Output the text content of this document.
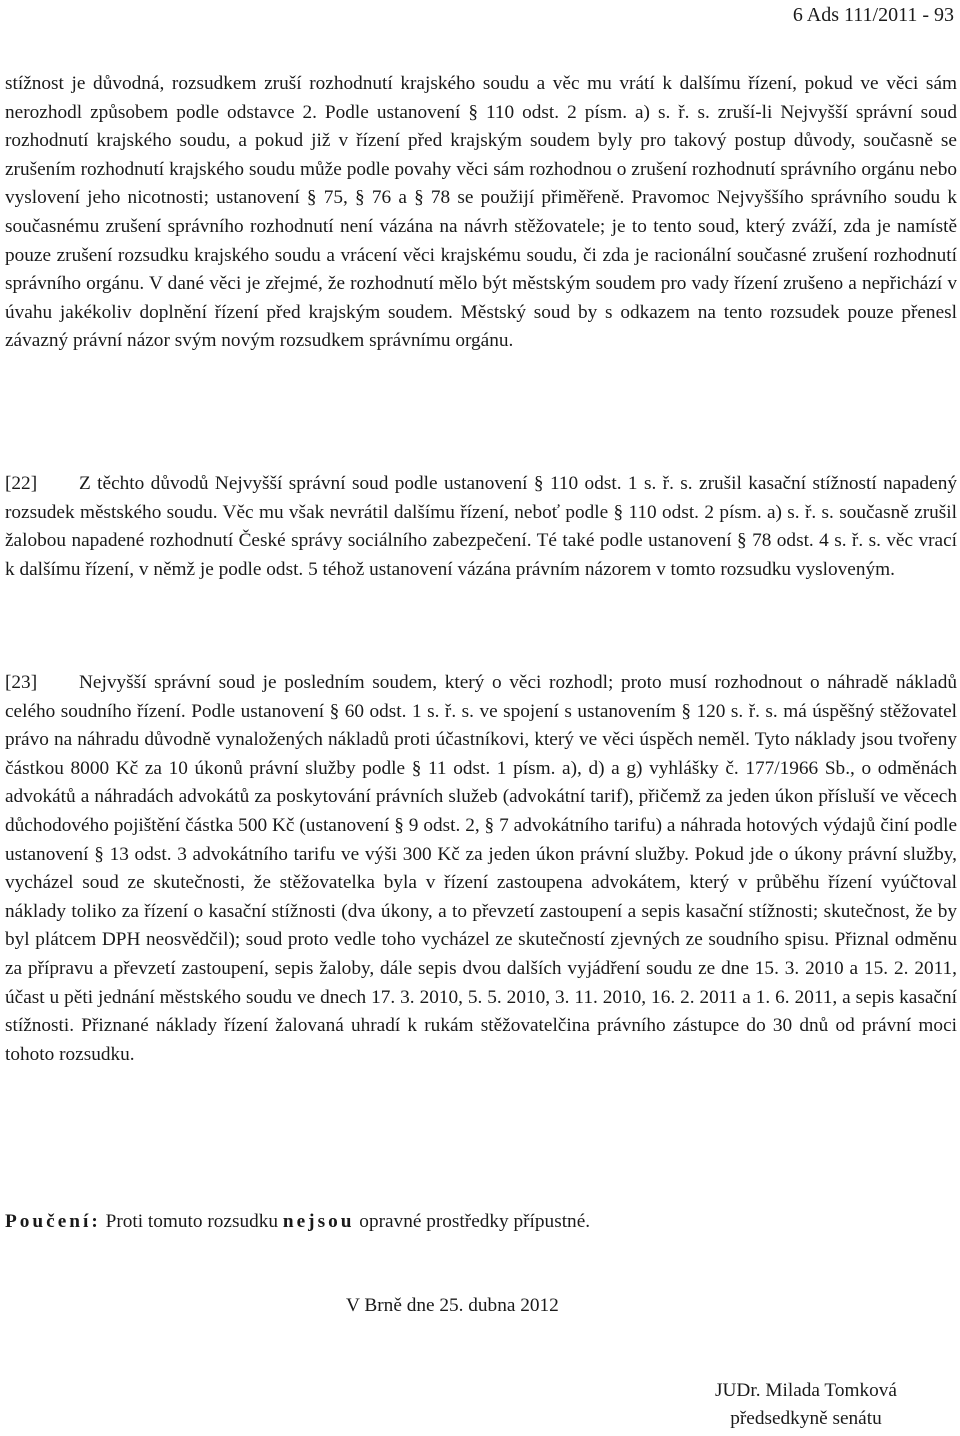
6 Ads 111/2011 - 93

stížnost je důvodná, rozsudkem zruší rozhodnutí krajského soudu a věc mu vrátí k dalšímu řízení, pokud ve věci sám nerozhodl způsobem podle odstavce 2. Podle ustanovení § 110 odst. 2 písm. a) s. ř. s. zruší-li Nejvyšší správní soud rozhodnutí krajského soudu, a pokud již v řízení před krajským soudem byly pro takový postup důvody, současně se zrušením rozhodnutí krajského soudu může podle povahy věci sám rozhodnou o zrušení rozhodnutí správního orgánu nebo vyslovení jeho nicotnosti; ustanovení § 75, § 76 a § 78 se použijí přiměřeně. Pravomoc Nejvyššího správního soudu k současnému zrušení správního rozhodnutí není vázána na návrh stěžovatele; je to tento soud, který zváží, zda je namístě pouze zrušení rozsudku krajského soudu a vrácení věci krajskému soudu, či zda je racionální současné zrušení rozhodnutí správního orgánu. V dané věci je zřejmé, že rozhodnutí mělo být městským soudem pro vady řízení zrušeno a nepřichází v úvahu jakékoliv doplnění řízení před krajským soudem. Městský soud by s odkazem na tento rozsudek pouze přenesl závazný právní názor svým novým rozsudkem správnímu orgánu.

[22] Z těchto důvodů Nejvyšší správní soud podle ustanovení § 110 odst. 1 s. ř. s. zrušil kasační stížností napadený rozsudek městského soudu. Věc mu však nevrátil dalšímu řízení, neboť podle § 110 odst. 2 písm. a) s. ř. s. současně zrušil žalobou napadené rozhodnutí České správy sociálního zabezpečení. Té také podle ustanovení § 78 odst. 4 s. ř. s. věc vrací k dalšímu řízení, v němž je podle odst. 5 téhož ustanovení vázána právním názorem v tomto rozsudku vysloveným.

[23] Nejvyšší správní soud je posledním soudem, který o věci rozhodl; proto musí rozhodnout o náhradě nákladů celého soudního řízení. Podle ustanovení § 60 odst. 1 s. ř. s. ve spojení s ustanovením § 120 s. ř. s. má úspěšný stěžovatel právo na náhradu důvodně vynaložených nákladů proti účastníkovi, který ve věci úspěch neměl. Tyto náklady jsou tvořeny částkou 8000 Kč za 10 úkonů právní služby podle § 11 odst. 1 písm. a), d) a g) vyhlášky č. 177/1966 Sb., o odměnách advokátů a náhradách advokátů za poskytování právních služeb (advokátní tarif), přičemž za jeden úkon přísluší ve věcech důchodového pojištění částka 500 Kč (ustanovení § 9 odst. 2, § 7 advokátního tarifu) a náhrada hotových výdajů činí podle ustanovení § 13 odst. 3 advokátního tarifu ve výši 300 Kč za jeden úkon právní služby. Pokud jde o úkony právní služby, vycházel soud ze skutečnosti, že stěžovatelka byla v řízení zastoupena advokátem, který v průběhu řízení vyúčtoval náklady toliko za řízení o kasační stížnosti (dva úkony, a to převzetí zastoupení a sepis kasační stížnosti; skutečnost, že by byl plátcem DPH neosvědčil); soud proto vedle toho vycházel ze skutečností zjevných ze soudního spisu. Přiznal odměnu za přípravu a převzetí zastoupení, sepis žaloby, dále sepis dvou dalších vyjádření soudu ze dne 15. 3. 2010 a 15. 2. 2011, účast u pěti jednání městského soudu ve dnech 17. 3. 2010, 5. 5. 2010, 3. 11. 2010, 16. 2. 2011 a 1. 6. 2011, a sepis kasační stížnosti. Přiznané náklady řízení žalovaná uhradí k rukám stěžovatelčina právního zástupce do 30 dnů od právní moci tohoto rozsudku.

Poučení: Proti tomuto rozsudku nejsou opravné prostředky přípustné.
V Brně dne 25. dubna 2012
JUDr. Milada Tomková
předsedkyně senátu
